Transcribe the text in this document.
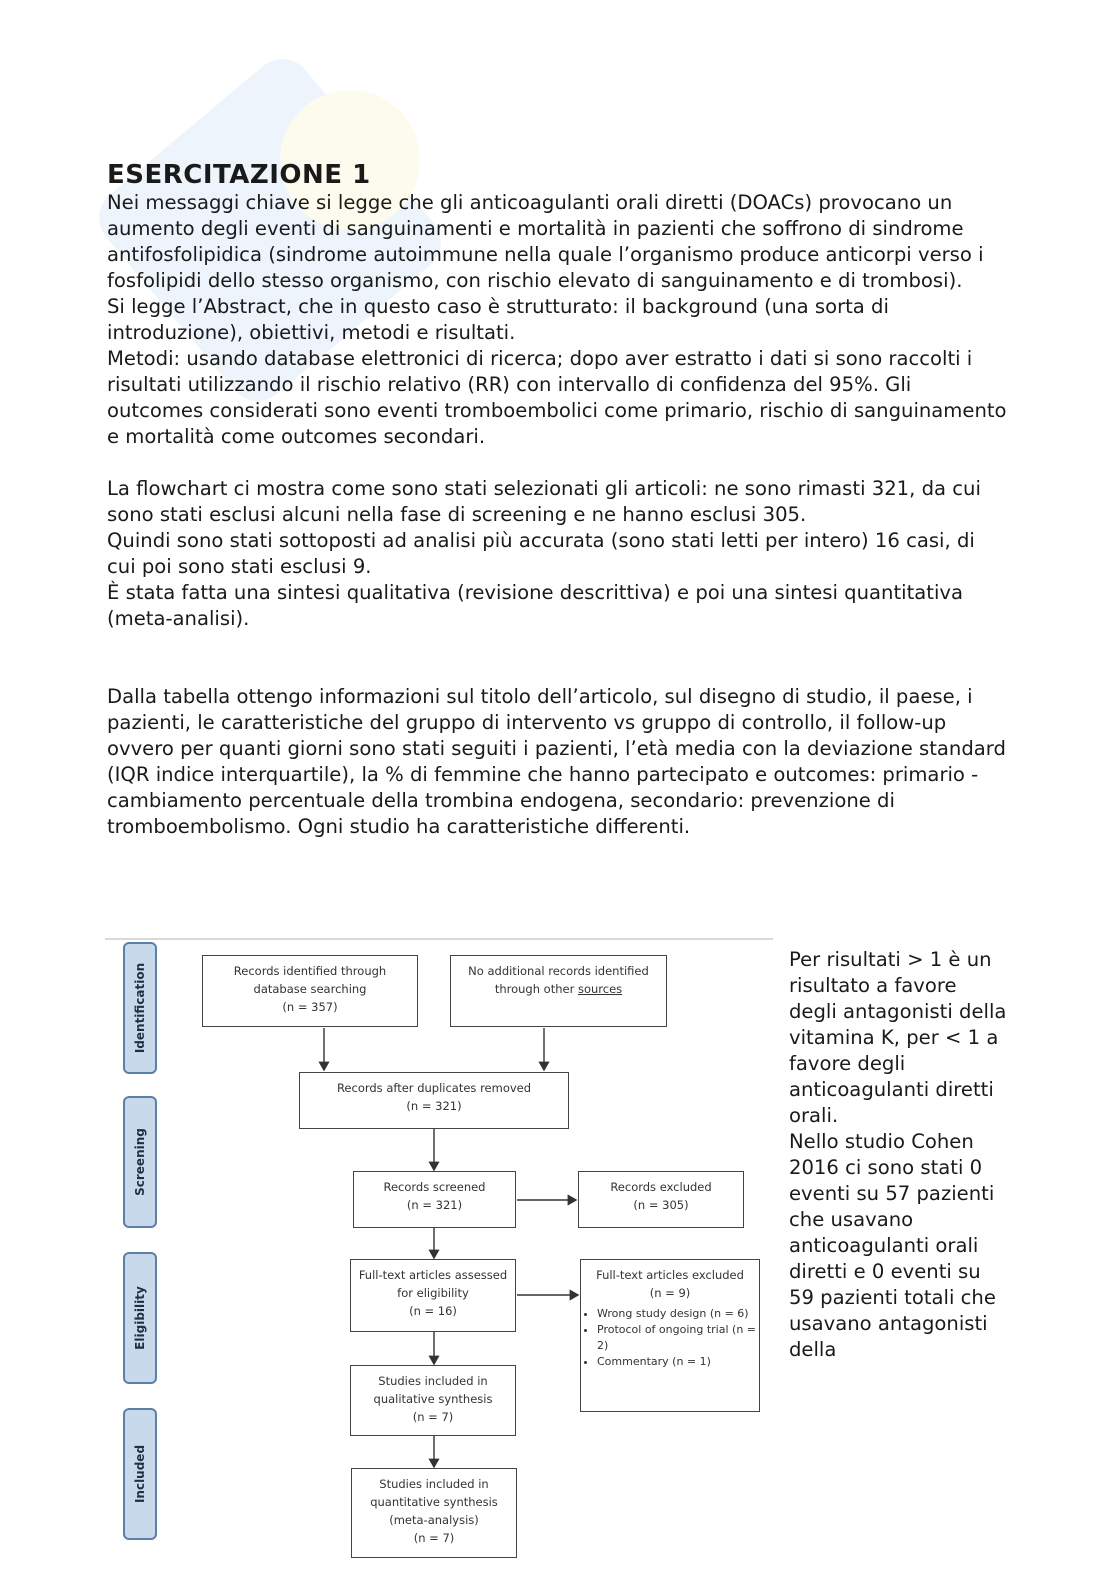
ESERCITAZIONE 1

Nei messaggi chiave si legge che gli anticoagulanti orali diretti (DOACs) provocano un aumento degli eventi di sanguinamenti e mortalità in pazienti che soffrono di sindrome antifosfolipidica (sindrome autoimmune nella quale l’organismo produce anticorpi verso i fosfolipidi dello stesso organismo, con rischio elevato di sanguinamento e di trombosi).

Si legge l’Abstract, che in questo caso è strutturato: il background (una sorta di introduzione), obiettivi, metodi e risultati.

Metodi: usando database elettronici di ricerca; dopo aver estratto i dati si sono raccolti i risultati utilizzando il rischio relativo (RR) con intervallo di confidenza del 95%. Gli outcomes considerati sono eventi tromboembolici come primario, rischio di sanguinamento e mortalità come outcomes secondari.

La flowchart ci mostra come sono stati selezionati gli articoli: ne sono rimasti 321, da cui sono stati esclusi alcuni nella fase di screening e ne hanno esclusi 305.

Quindi sono stati sottoposti ad analisi più accurata (sono stati letti per intero) 16 casi, di cui poi sono stati esclusi 9.

È stata fatta una sintesi qualitativa (revisione descrittiva) e poi una sintesi quantitativa (meta-analisi).

Dalla tabella ottengo informazioni sul titolo dell’articolo, sul disegno di studio, il paese, i pazienti, le caratteristiche del gruppo di intervento vs gruppo di controllo, il follow-up ovvero per quanti giorni sono stati seguiti i pazienti, l’età media con la deviazione standard (IQR indice interquartile), la % di femmine che hanno partecipato e outcomes: primario - cambiamento percentuale della trombina endogena, secondario: prevenzione di tromboembolismo. Ogni studio ha caratteristiche differenti.

Identification
Screening
Eligibility
Included
Records identified through
database searching
(n = 357)
No additional records identified
through other sources
Records after duplicates removed
(n = 321)
Records screened
(n = 321)
Records excluded
(n = 305)
Full-text articles assessed
for eligibility
(n = 16)
Full-text articles excluded
(n = 9)
• Wrong study design (n = 6)
• Protocol of ongoing trial (n = 2)
• Commentary (n = 1)
Studies included in
qualitative synthesis
(n = 7)
Studies included in
quantitative synthesis
(meta-analysis)
(n = 7)

Per risultati > 1 è un risultato a favore degli antagonisti della vitamina K, per < 1 a favore degli anticoagulanti diretti orali.

Nello studio Cohen 2016 ci sono stati 0 eventi su 57 pazienti che usavano anticoagulanti orali diretti e 0 eventi su 59 pazienti totali che usavano antagonisti della
